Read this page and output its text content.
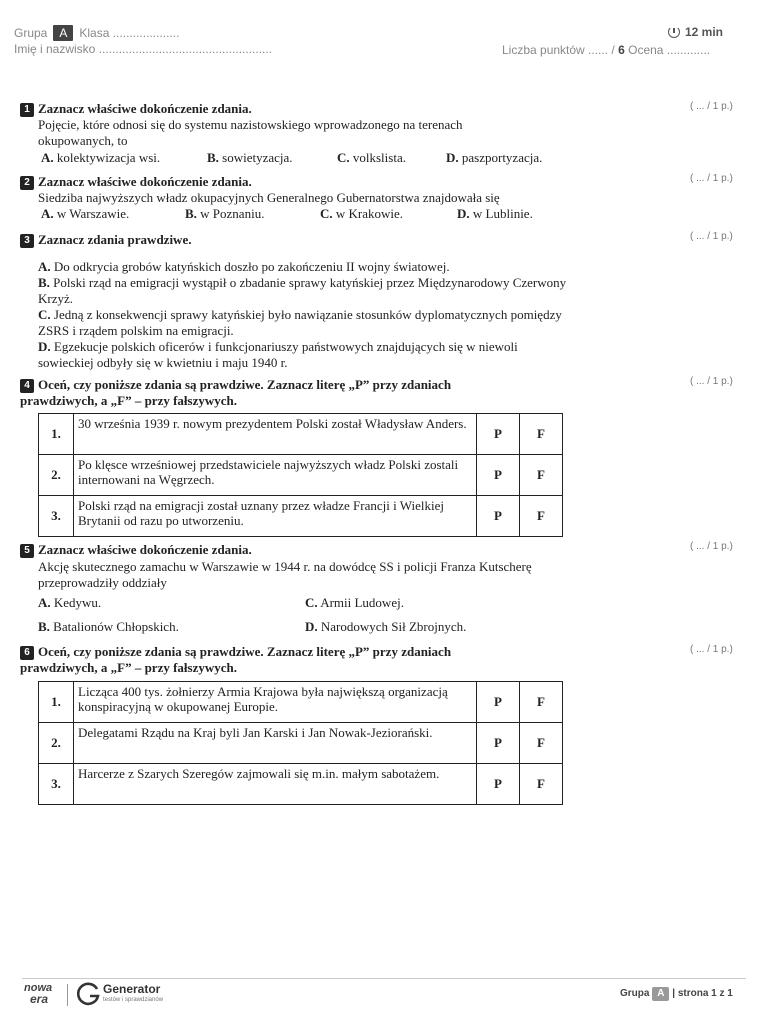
Grupa A Klasa ....................
Imię i nazwisko ....................................................
12 min
Liczba punktów ...... / 6 Ocena .............
1 Zaznacz właściwe dokończenie zdania.	( ... / 1 p.)
Pojęcie, które odnosi się do systemu nazistowskiego wprowadzonego na terenach okupowanych, to
A. kolektywizacja wsi.	B. sowietyzacja.	C. volkslista.	D. paszportyzacja.
2 Zaznacz właściwe dokończenie zdania.	( ... / 1 p.)
Siedziba najwyższych władz okupacyjnych Generalnego Gubernatorstwa znajdowała się
A. w Warszawie.	B. w Poznaniu.	C. w Krakowie.	D. w Lublinie.
3 Zaznacz zdania prawdziwe.	( ... / 1 p.)
A. Do odkrycia grobów katyńskich doszło po zakończeniu II wojny światowej.
B. Polski rząd na emigracji wystąpił o zbadanie sprawy katyńskiej przez Międzynarodowy Czerwony Krzyż.
C. Jedną z konsekwencji sprawy katyńskiej było nawiązanie stosunków dyplomatycznych pomiędzy ZSRS i rządem polskim na emigracji.
D. Egzekucje polskich oficerów i funkcjonariuszy państwowych znajdujących się w niewoli sowieckiej odbyły się w kwietniu i maju 1940 r.
4 Oceń, czy poniższe zdania są prawdziwe. Zaznacz literę „P” przy zdaniach prawdziwych, a „F” – przy fałszywych.
( ... / 1 p.)
1.	30 września 1939 r. nowym prezydentem Polski został Władysław Anders.	P	F
2.	Po klęsce wrześniowej przedstawiciele najwyższych władz Polski zostali internowani na Węgrzech.	P	F
3.	Polski rząd na emigracji został uznany przez władze Francji i Wielkiej Brytanii od razu po utworzeniu.	P	F
5 Zaznacz właściwe dokończenie zdania.	( ... / 1 p.)
Akcję skutecznego zamachu w Warszawie w 1944 r. na dowódcę SS i policji Franza Kutscherę przeprowadziły oddziały
A. Kedywu.
B. Batalionów Chłopskich.
C. Armii Ludowej.
D. Narodowych Sił Zbrojnych.
6 Oceń, czy poniższe zdania są prawdziwe. Zaznacz literę „P” przy zdaniach prawdziwych, a „F” – przy fałszywych.
( ... / 1 p.)
1.	Licząca 400 tys. żołnierzy Armia Krajowa była największą organizacją konspiracyjną w okupowanej Europie.	P	F
2.	Delegatami Rządu na Kraj byli Jan Karski i Jan Nowak-Jeziorański.	P	F
3.	Harcerze z Szarych Szeregów zajmowali się m.in. małym sabotażem.	P	F
nowa
era
Generator
testów i sprawdzianów
Grupa A | strona 1 z 1
